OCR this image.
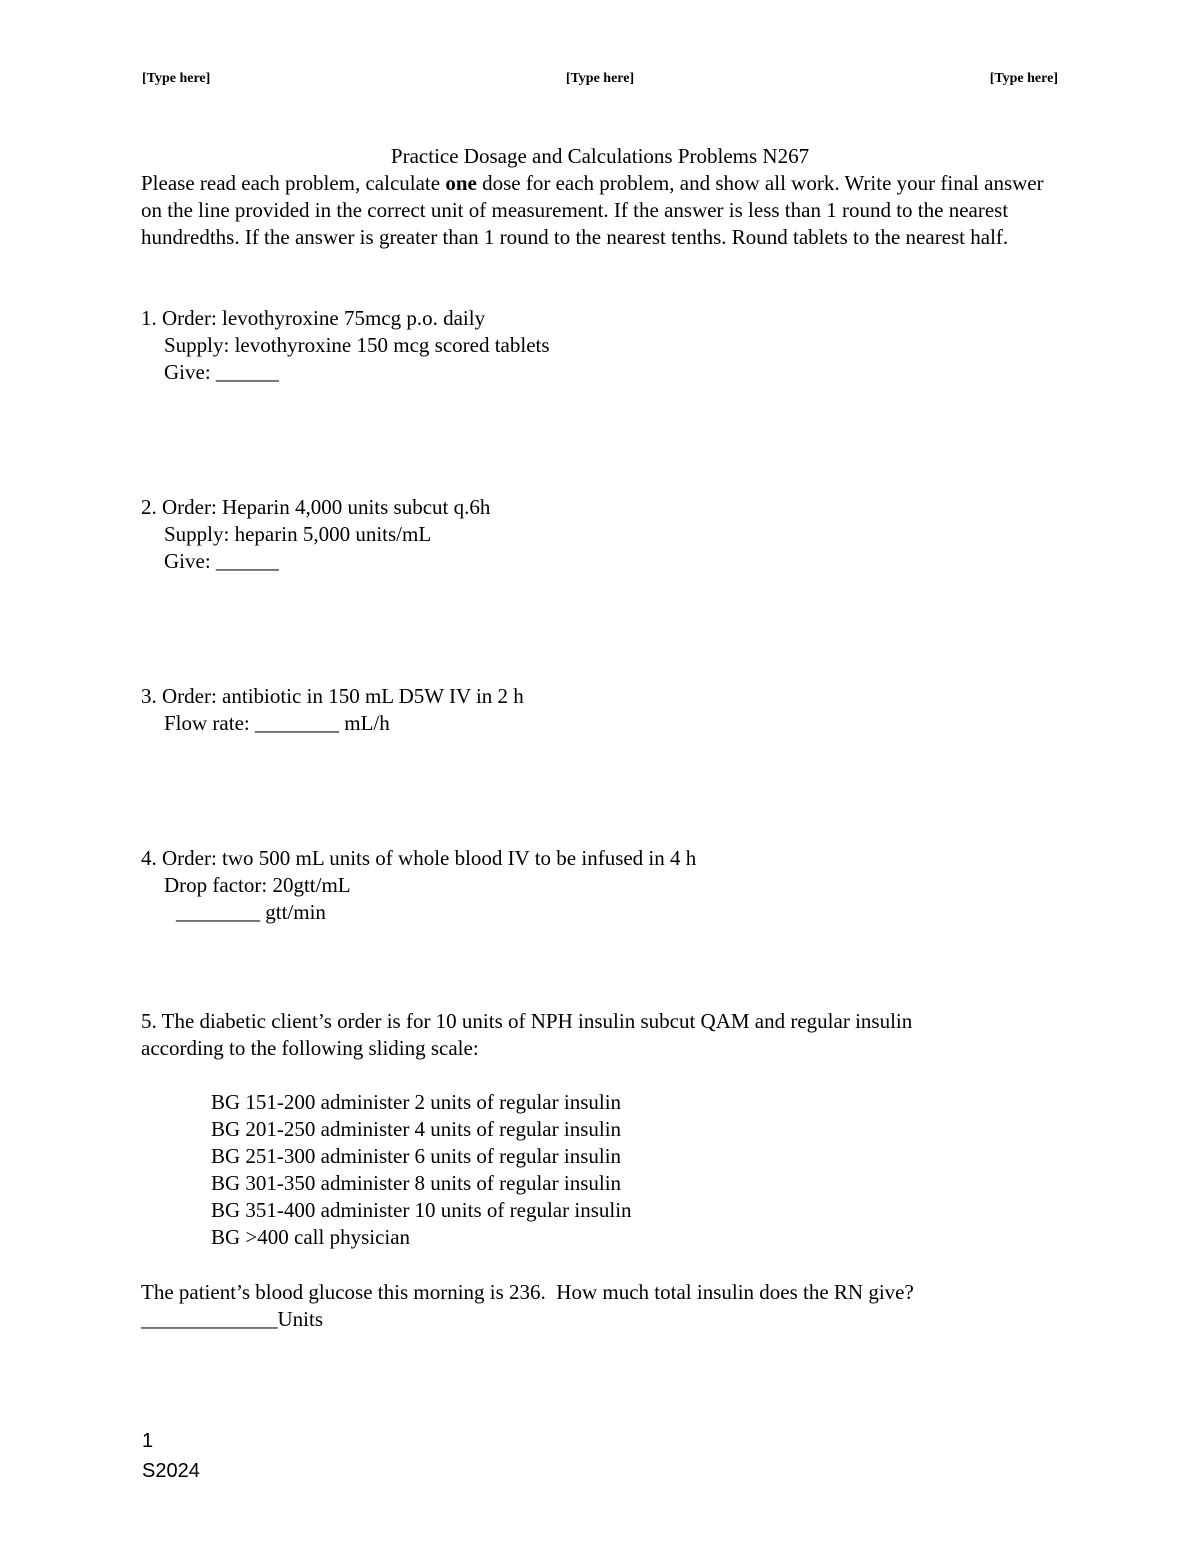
[Type here]	[Type here]	[Type here]
Practice Dosage and Calculations Problems N267
Please read each problem, calculate one dose for each problem, and show all work. Write your final answer on the line provided in the correct unit of measurement. If the answer is less than 1 round to the nearest hundredths. If the answer is greater than 1 round to the nearest tenths. Round tablets to the nearest half.
1. Order: levothyroxine 75mcg p.o. daily
Supply: levothyroxine 150 mcg scored tablets
Give: ______
2. Order: Heparin 4,000 units subcut q.6h
Supply: heparin 5,000 units/mL
Give: ______
3. Order: antibiotic in 150 mL D5W IV in 2 h
Flow rate: ________ mL/h
4. Order: two 500 mL units of whole blood IV to be infused in 4 h
Drop factor: 20gtt/mL
________ gtt/min
5. The diabetic client’s order is for 10 units of NPH insulin subcut QAM and regular insulin
according to the following sliding scale:
BG 151-200 administer 2 units of regular insulin
BG 201-250 administer 4 units of regular insulin
BG 251-300 administer 6 units of regular insulin
BG 301-350 administer 8 units of regular insulin
BG 351-400 administer 10 units of regular insulin
BG >400 call physician
The patient’s blood glucose this morning is 236.  How much total insulin does the RN give?
_____________Units
1
S2024
